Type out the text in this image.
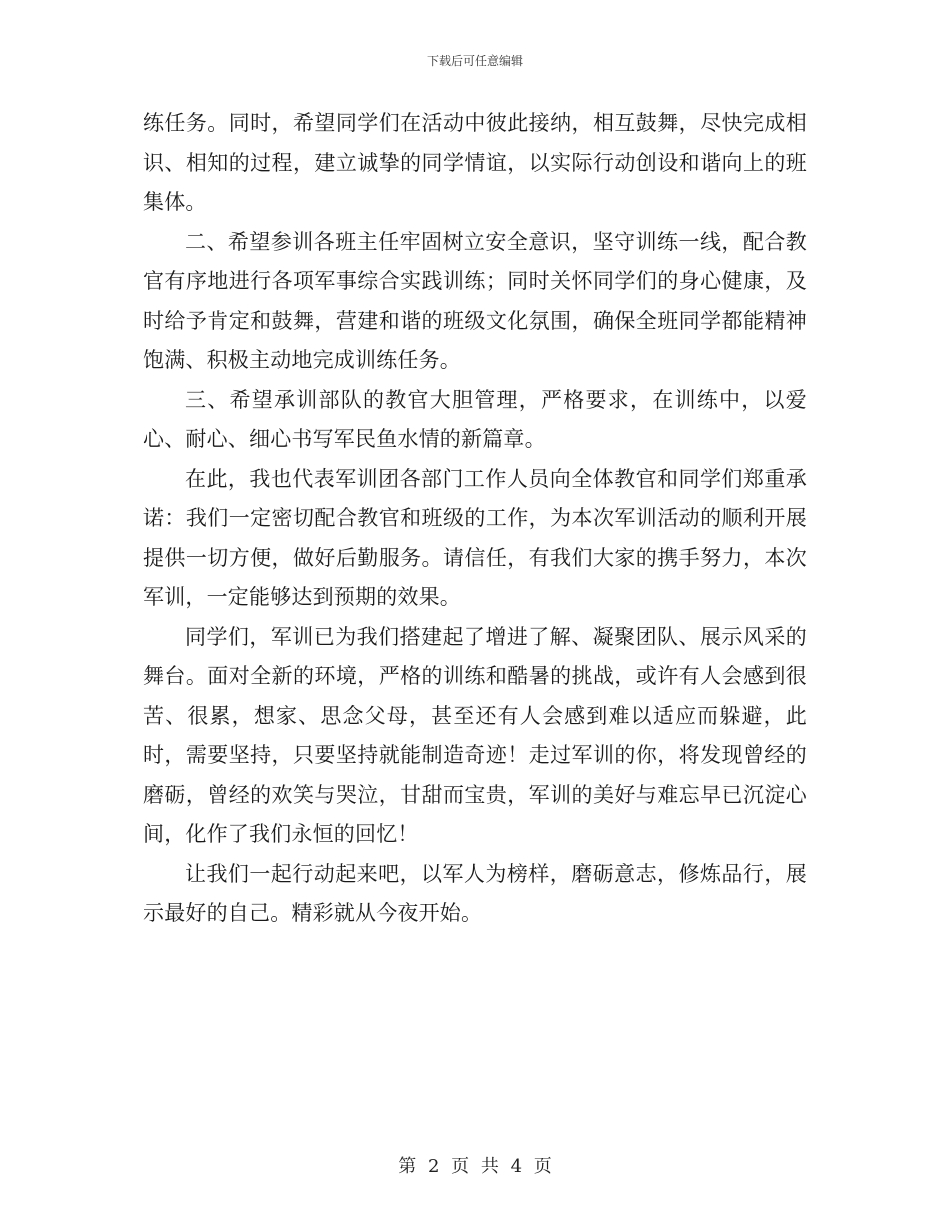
下载后可任意编辑

练任务。同时，希望同学们在活动中彼此接纳，相互鼓舞，尽快完成相识、相知的过程，建立诚挚的同学情谊，以实际行动创设和谐向上的班集体。

二、希望参训各班主任牢固树立安全意识，坚守训练一线，配合教官有序地进行各项军事综合实践训练；同时关怀同学们的身心健康，及时给予肯定和鼓舞，营建和谐的班级文化氛围，确保全班同学都能精神饱满、积极主动地完成训练任务。

三、希望承训部队的教官大胆管理，严格要求，在训练中，以爱心、耐心、细心书写军民鱼水情的新篇章。

在此，我也代表军训团各部门工作人员向全体教官和同学们郑重承诺：我们一定密切配合教官和班级的工作，为本次军训活动的顺利开展提供一切方便，做好后勤服务。请信任，有我们大家的携手努力，本次军训，一定能够达到预期的效果。

同学们，军训已为我们搭建起了增进了解、凝聚团队、展示风采的舞台。面对全新的环境，严格的训练和酷暑的挑战，或许有人会感到很苦、很累，想家、思念父母，甚至还有人会感到难以适应而躲避，此时，需要坚持，只要坚持就能制造奇迹！走过军训的你，将发现曾经的磨砺，曾经的欢笑与哭泣，甘甜而宝贵，军训的美好与难忘早已沉淀心间，化作了我们永恒的回忆！

让我们一起行动起来吧，以军人为榜样，磨砺意志，修炼品行，展示最好的自己。精彩就从今夜开始。

第 2 页 共 4 页
